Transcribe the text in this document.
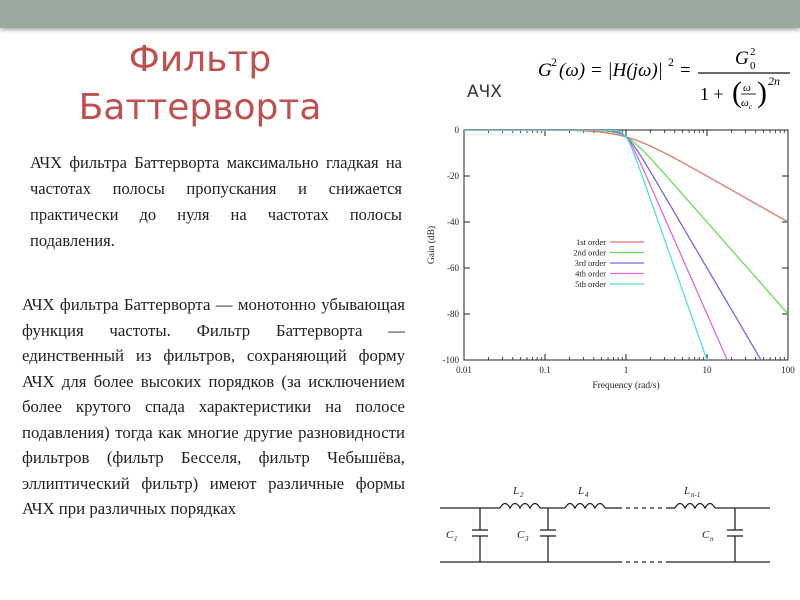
Фильтр
Баттерворта
G 2 (ω) = |H(jω)| 2 =
G 0
2
1 + ( ω
ω c ) 2n
АЧХ
АЧХ фильтра Баттерворта максимально гладкая на частотах полосы пропускания и снижается практически до нуля на частотах полосы подавления.
АЧХ фильтра Баттерворта — монотонно убывающая функция частоты. Фильтр Баттерворта — единственный из фильтров, сохраняющий форму АЧХ для более высоких порядков (за исключением более крутого спада характеристики на полосе подавления) тогда как многие другие разновидности фильтров (фильтр Бесселя, фильтр Чебышёва, эллиптический фильтр) имеют различные формы АЧХ при различных порядках
0.01	0.1	1	10	100
0
-20
-40
-60
-80
-100
Frequency (rad/s)
Gain (dB)	1st order
2nd order
3rd order
4th order
5th order
L 2	L 4	L n-1
C 1	C 3	C n
